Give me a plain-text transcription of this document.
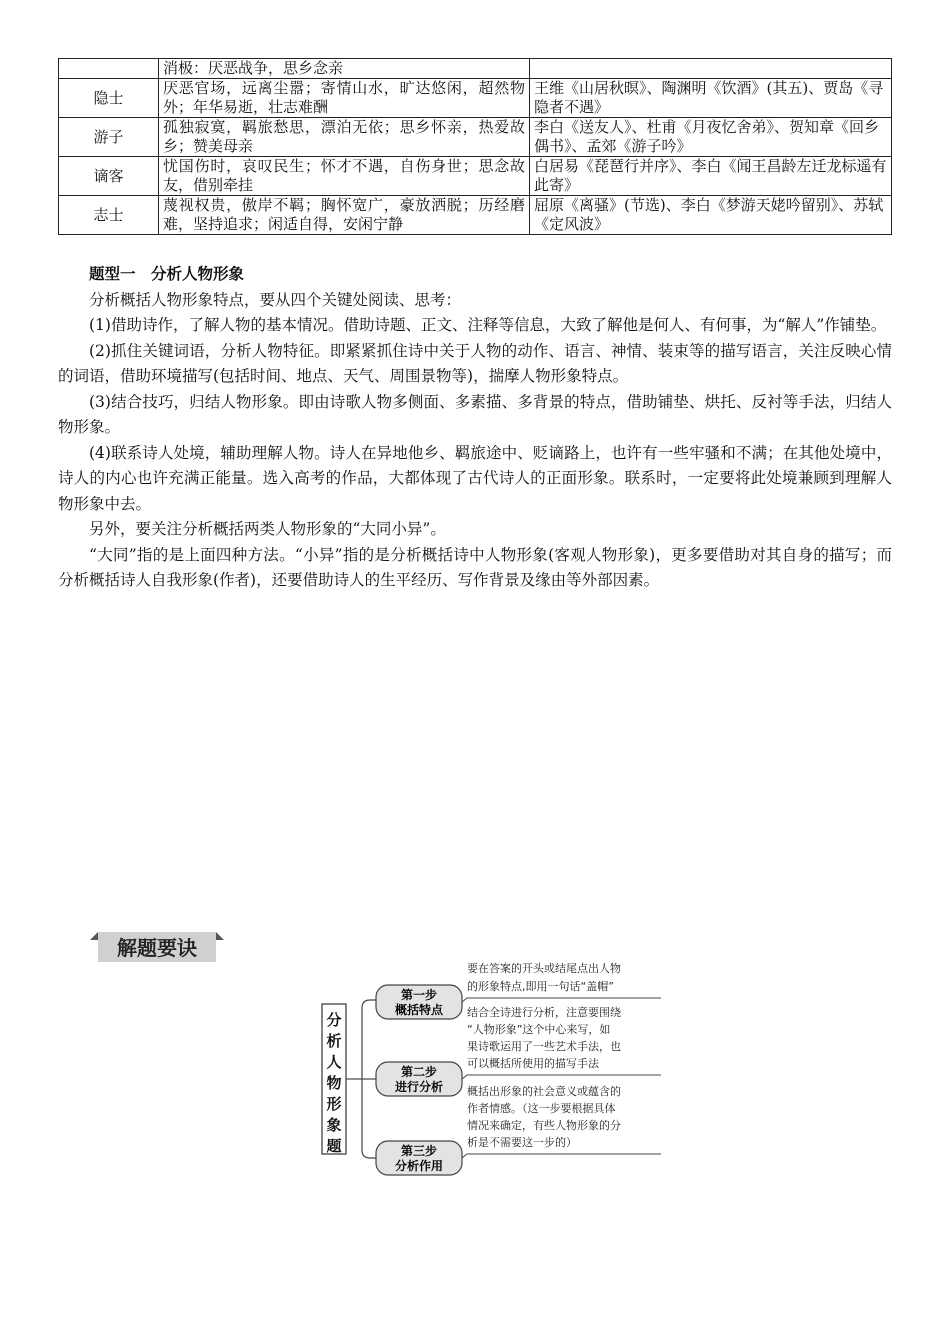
	消极：厌恶战争，思乡念亲	
隐士	厌恶官场，远离尘嚣；寄情山水，旷达悠闲，超然物外；年华易逝，壮志难酬	王维《山居秋暝》、陶渊明《饮酒》(其五)、贾岛《寻隐者不遇》
游子	孤独寂寞，羁旅愁思，漂泊无依；思乡怀亲，热爱故乡；赞美母亲	李白《送友人》、杜甫《月夜忆舍弟》、贺知章《回乡偶书》、孟郊《游子吟》
谪客	忧国伤时，哀叹民生；怀才不遇，自伤身世；思念故友，借别牵挂	白居易《琵琶行并序》、李白《闻王昌龄左迁龙标遥有此寄》
志士	蔑视权贵，傲岸不羁；胸怀宽广，豪放洒脱；历经磨难，坚持追求；闲适自得，安闲宁静	屈原《离骚》(节选)、李白《梦游天姥吟留别》、苏轼《定风波》
题型一　分析人物形象

分析概括人物形象特点，要从四个关键处阅读、思考：

(1)借助诗作，了解人物的基本情况。借助诗题、正文、注释等信息，大致了解他是何人、有何事，为“解人”作铺垫。

(2)抓住关键词语，分析人物特征。即紧紧抓住诗中关于人物的动作、语言、神情、装束等的描写语言，关注反映心情的词语，借助环境描写(包括时间、地点、天气、周围景物等)，揣摩人物形象特点。

(3)结合技巧，归结人物形象。即由诗歌人物多侧面、多素描、多背景的特点，借助铺垫、烘托、反衬等手法，归结人物形象。

(4)联系诗人处境，辅助理解人物。诗人在异地他乡、羁旅途中、贬谪路上，也许有一些牢骚和不满；在其他处境中，诗人的内心也许充满正能量。选入高考的作品，大都体现了古代诗人的正面形象。联系时，一定要将此处境兼顾到理解人物形象中去。

另外，要关注分析概括两类人物形象的“大同小异”。

“大同”指的是上面四种方法。“小异”指的是分析概括诗中人物形象(客观人物形象)，更多要借助对其自身的描写；而分析概括诗人自我形象(作者)，还要借助诗人的生平经历、写作背景及缘由等外部因素。

解题要诀
分
析
人
物
形
象
题
第一步
概括特点
第二步
进行分析
第三步
分析作用
要在答案的开头或结尾点出人物
的形象特点,即用一句话“盖帽”
结合全诗进行分析，注意要围绕
“人物形象”这个中心来写，如
果诗歌运用了一些艺术手法，也
可以概括所使用的描写手法
概括出形象的社会意义或蕴含的
作者情感。（这一步要根据具体
情况来确定，有些人物形象的分
析是不需要这一步的）
